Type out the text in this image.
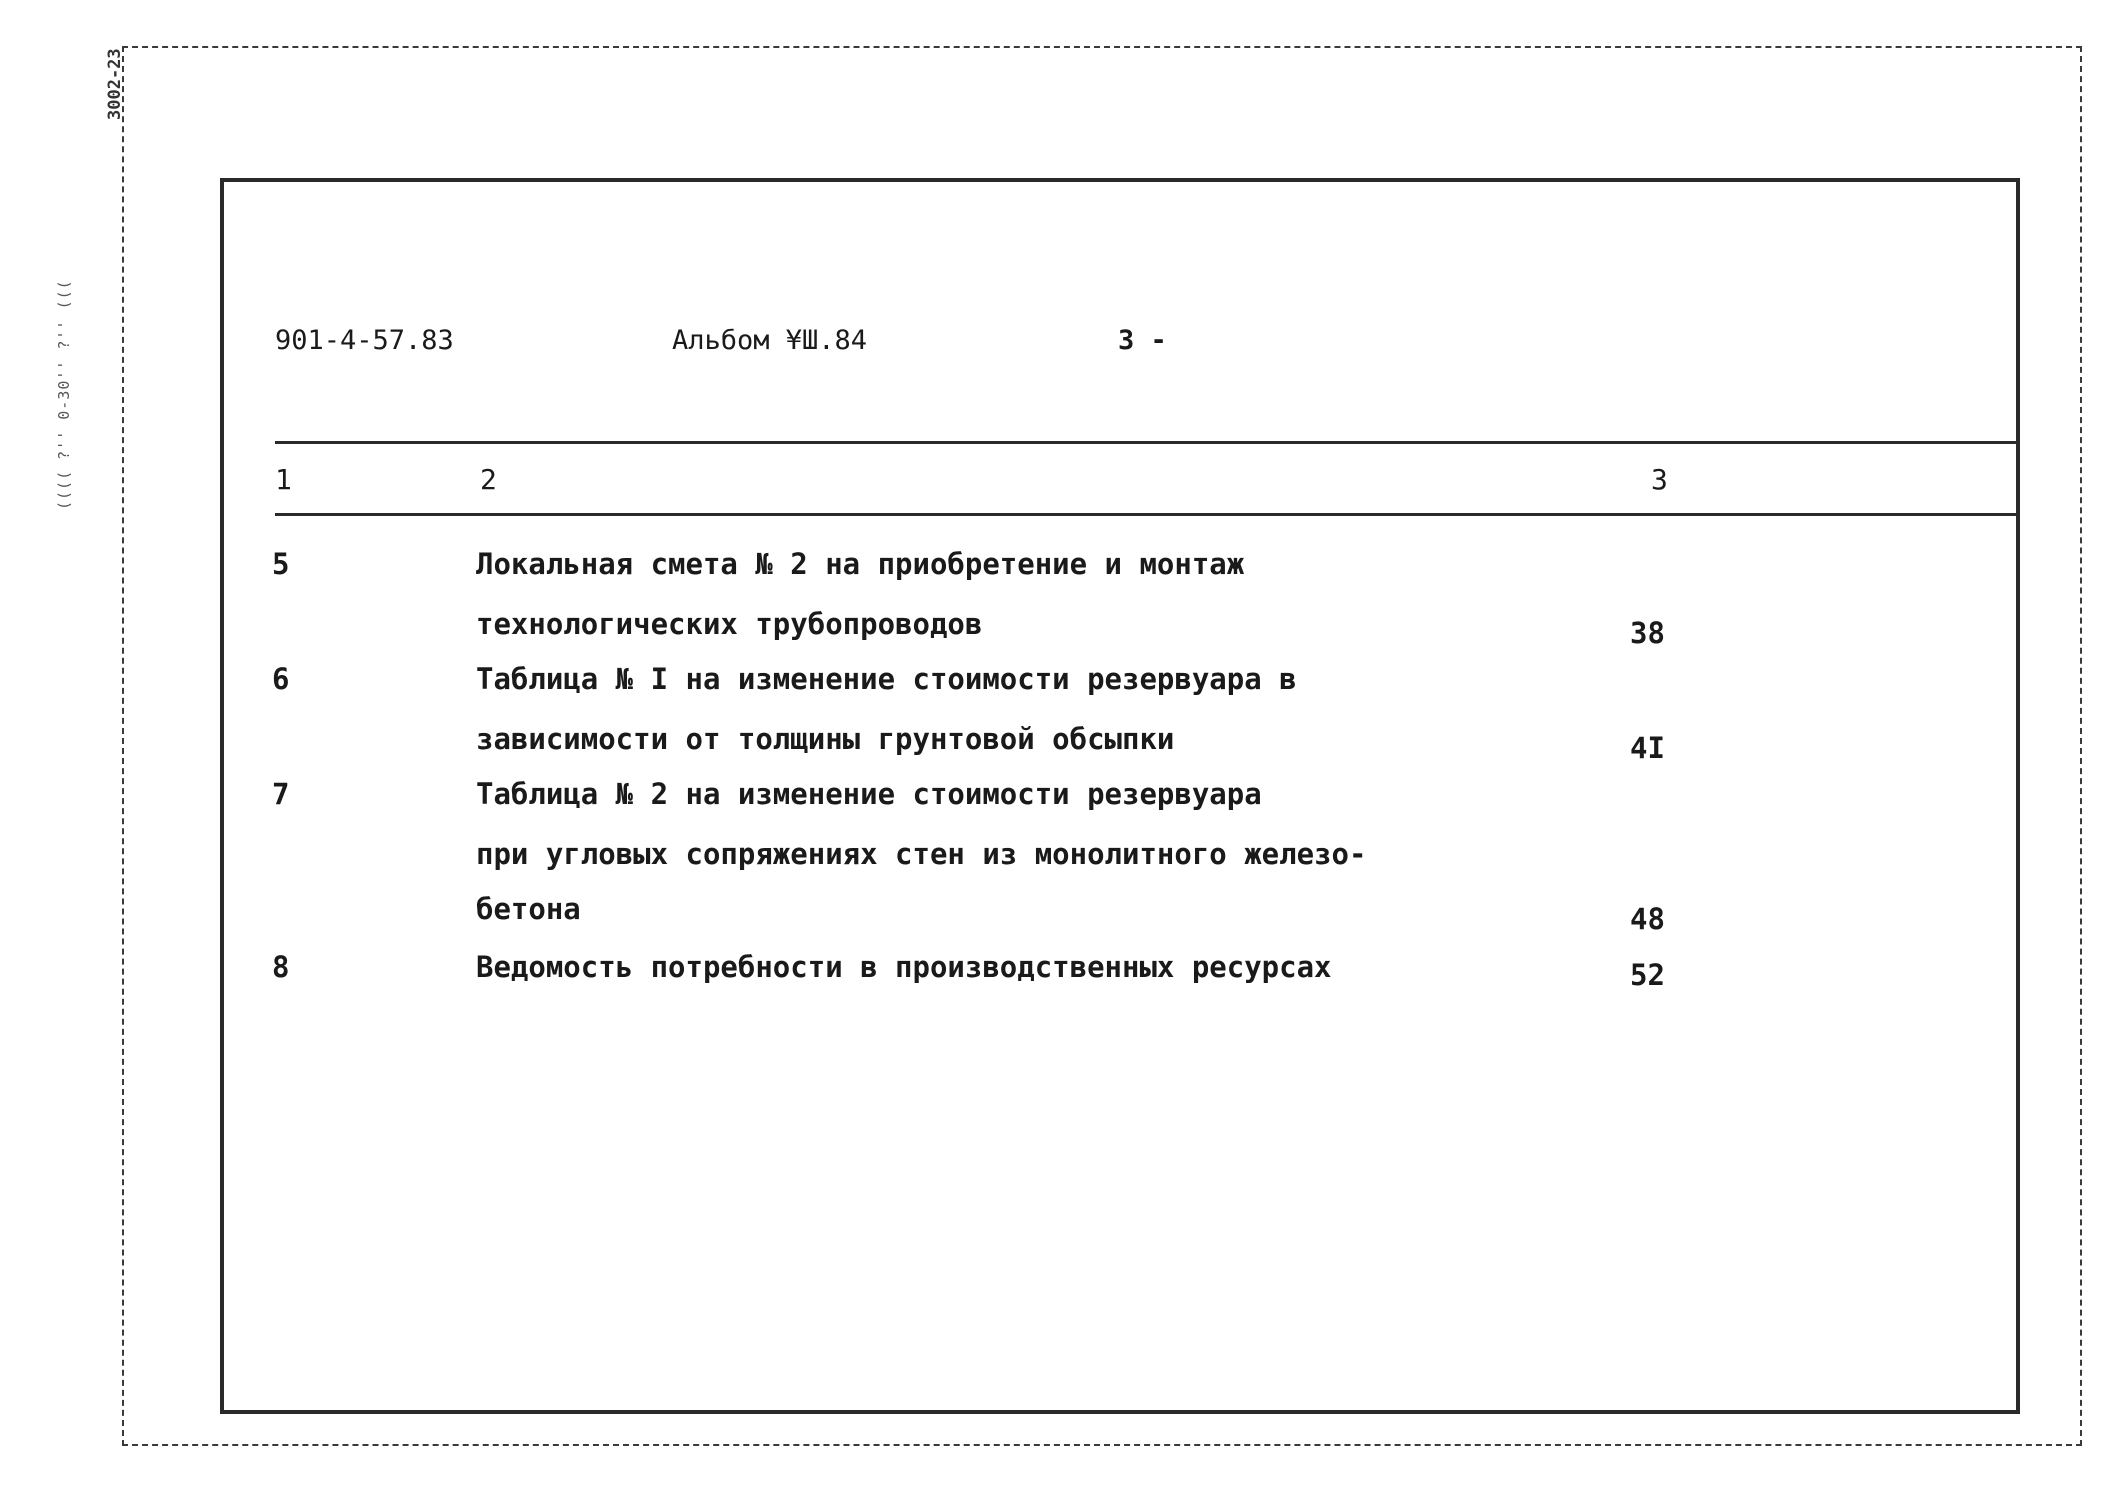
3002-23
(((( ?'' 0-30'' ?'' (((	901-4-57.83	Альбом ¥Ш.84	3 -
1	2	3
5	Локальная смета № 2 на приобретение и монтаж
технологических трубопроводов	38
6	Таблица № I на изменение стоимости резервуара в
зависимости от толщины грунтовой обсыпки	4I
7	Таблица № 2 на изменение стоимости резервуара
при угловых сопряжениях стен из монолитного железо-
бетона	48
8	Ведомость потребности в производственных ресурсах	52
